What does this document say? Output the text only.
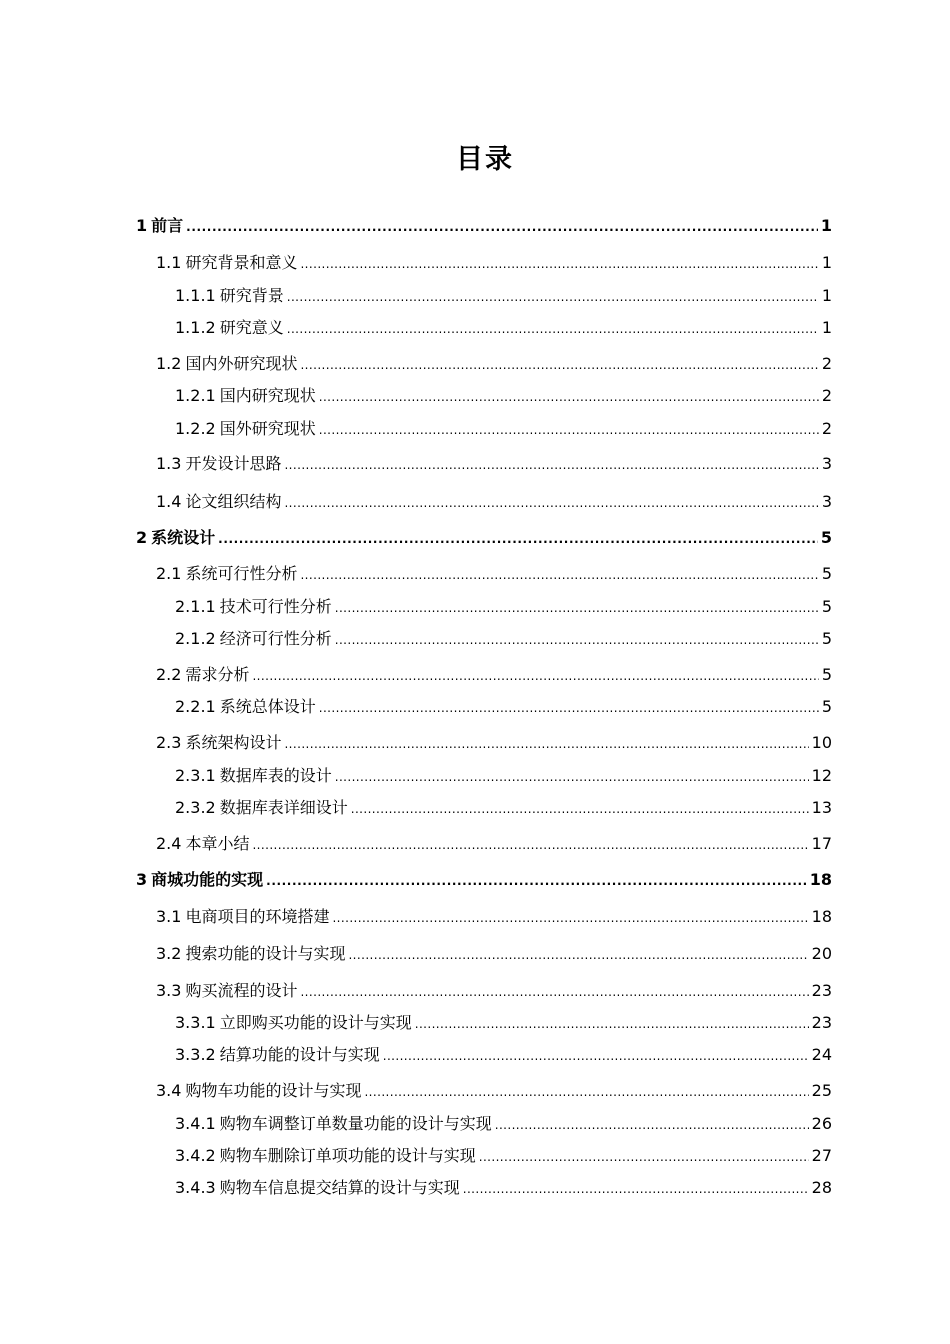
目录
1 前言 .....	1
1.1 研究背景和意义 .....	1
1.1.1 研究背景 .....	1
1.1.2 研究意义 .....	1
1.2 国内外研究现状 .....	2
1.2.1 国内研究现状 .....	2
1.2.2 国外研究现状 .....	2
1.3 开发设计思路 .....	3
1.4 论文组织结构 .....	3
2 系统设计 .....	5
2.1 系统可行性分析 .....	5
2.1.1 技术可行性分析 .....	5
2.1.2 经济可行性分析 .....	5
2.2 需求分析 .....	5
2.2.1 系统总体设计 .....	5
2.3 系统架构设计 .....	10
2.3.1 数据库表的设计 .....	12
2.3.2 数据库表详细设计 .....	13
2.4 本章小结 .....	17
3 商城功能的实现 .....	18
3.1 电商项目的环境搭建 .....	18
3.2 搜索功能的设计与实现 .....	20
3.3 购买流程的设计 .....	23
3.3.1 立即购买功能的设计与实现 .....	23
3.3.2 结算功能的设计与实现 .....	24
3.4 购物车功能的设计与实现 .....	25
3.4.1 购物车调整订单数量功能的设计与实现 .....	26
3.4.2 购物车删除订单项功能的设计与实现 .....	27
3.4.3 购物车信息提交结算的设计与实现 .....	28
